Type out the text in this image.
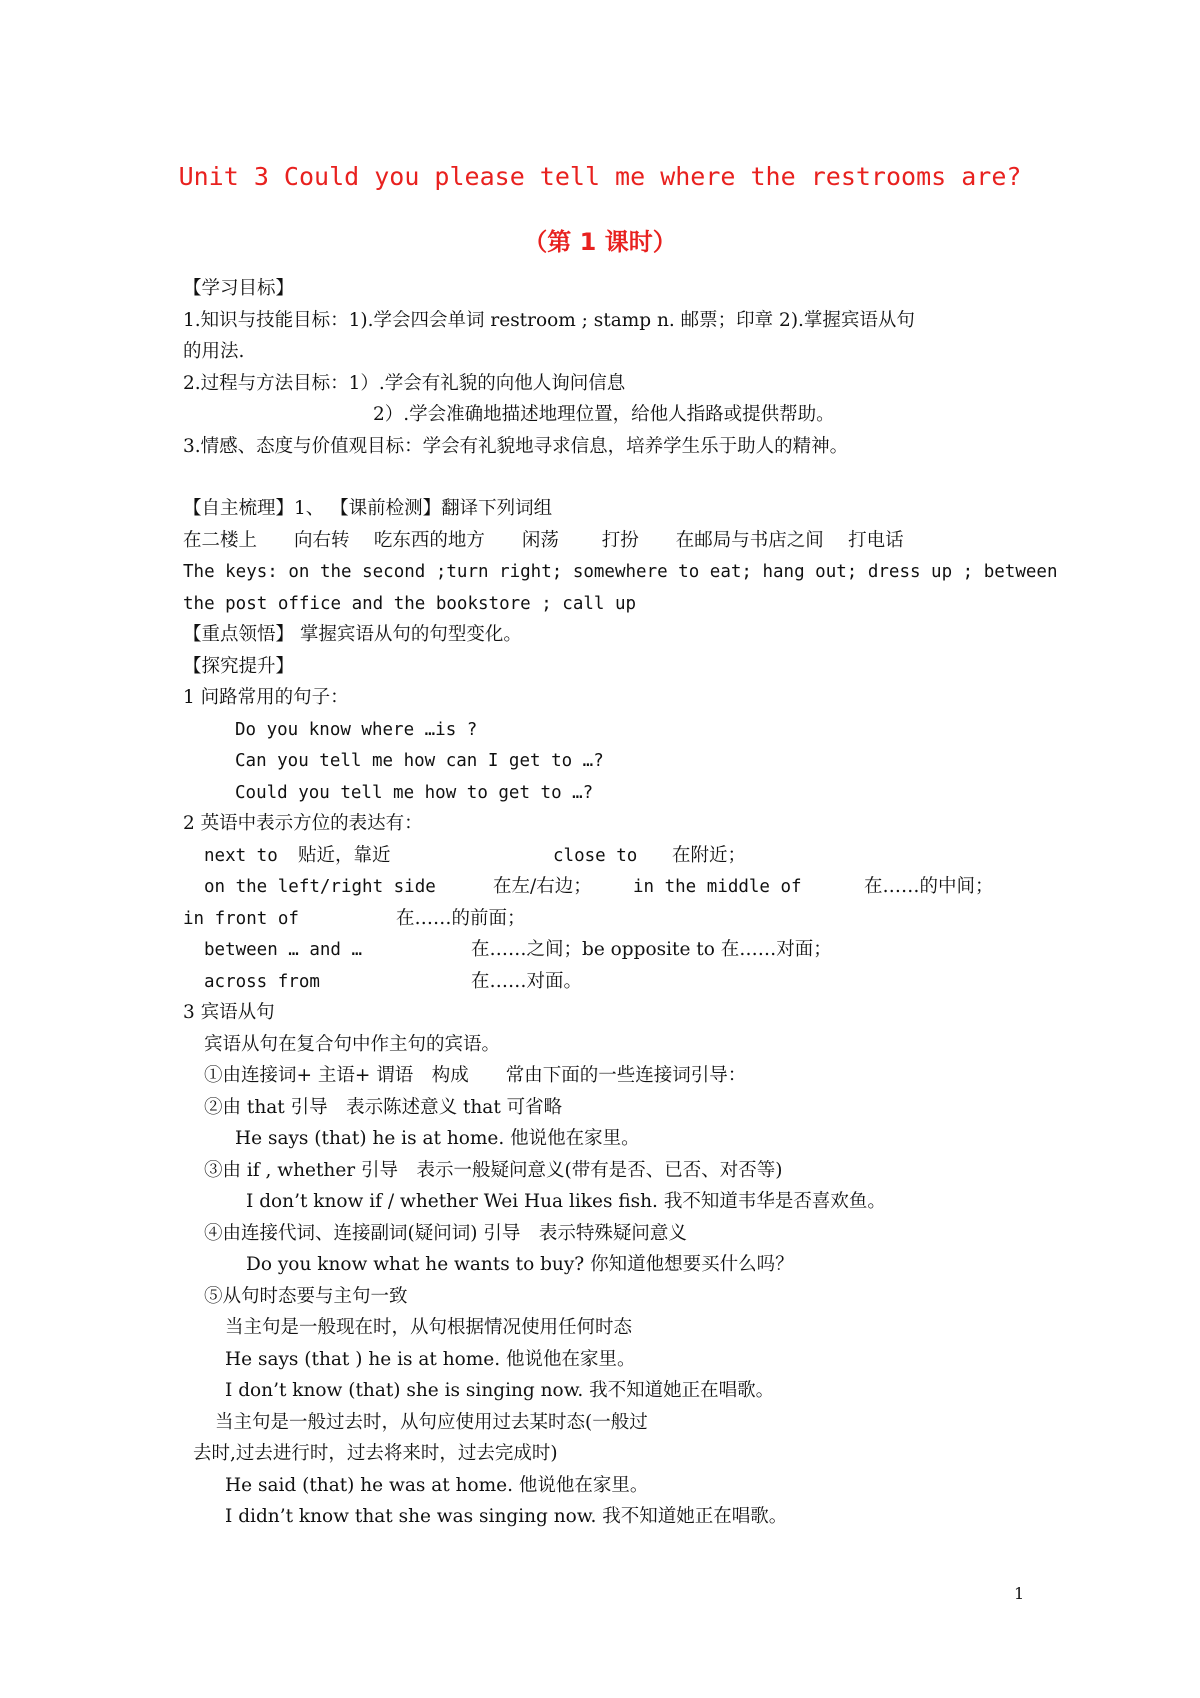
Unit 3 Could you please tell me where the restrooms are?
（第 1 课时）
【学习目标】
1.知识与技能目标：1).学会四会单词 restroom ; stamp n. 邮票；印章 2).掌握宾语从句
的用法.
2.过程与方法目标：1）.学会有礼貌的向他人询问信息
2）.学会准确地描述地理位置，给他人指路或提供帮助。
3.情感、态度与价值观目标：学会有礼貌地寻求信息，培养学生乐于助人的精神。
【自主梳理】1、 【课前检测】翻译下列词组
在二楼上　　向右转　 吃东西的地方　　闲荡　　 打扮　　在邮局与书店之间　 打电话
The keys: on the second ;turn right; somewhere to eat; hang out; dress up ; between
the post office and the bookstore ; call up
【重点领悟】 掌握宾语从句的句型变化。
【探究提升】
1 问路常用的句子：
Do you know where …is ?
Can you tell me how can I get to …?
Could you tell me how to get to …?
2 英语中表示方位的表达有：
next to 贴近，靠近	close to 在附近；
on the left/right side	在左/右边； in the middle of	在……的中间；
in front of	在……的前面；
between … and …	在……之间；be opposite to 在……对面；
across from	在……对面。
3 宾语从句
宾语从句在复合句中作主句的宾语。
①由连接词+ 主语+ 谓语　构成　　常由下面的一些连接词引导：
②由 that 引导　表示陈述意义 that 可省略
He says (that) he is at home. 他说他在家里。
③由 if , whether 引导　表示一般疑问意义(带有是否、已否、对否等)
I don’t know if / whether Wei Hua likes fish. 我不知道韦华是否喜欢鱼。
④由连接代词、连接副词(疑问词) 引导　表示特殊疑问意义
Do you know what he wants to buy? 你知道他想要买什么吗？
⑤从句时态要与主句一致
当主句是一般现在时，从句根据情况使用任何时态
He says (that ) he is at home. 他说他在家里。
I don’t know (that) she is singing now. 我不知道她正在唱歌。
当主句是一般过去时，从句应使用过去某时态(一般过
去时,过去进行时，过去将来时，过去完成时)
He said (that) he was at home. 他说他在家里。
I didn’t know that she was singing now. 我不知道她正在唱歌。
1
